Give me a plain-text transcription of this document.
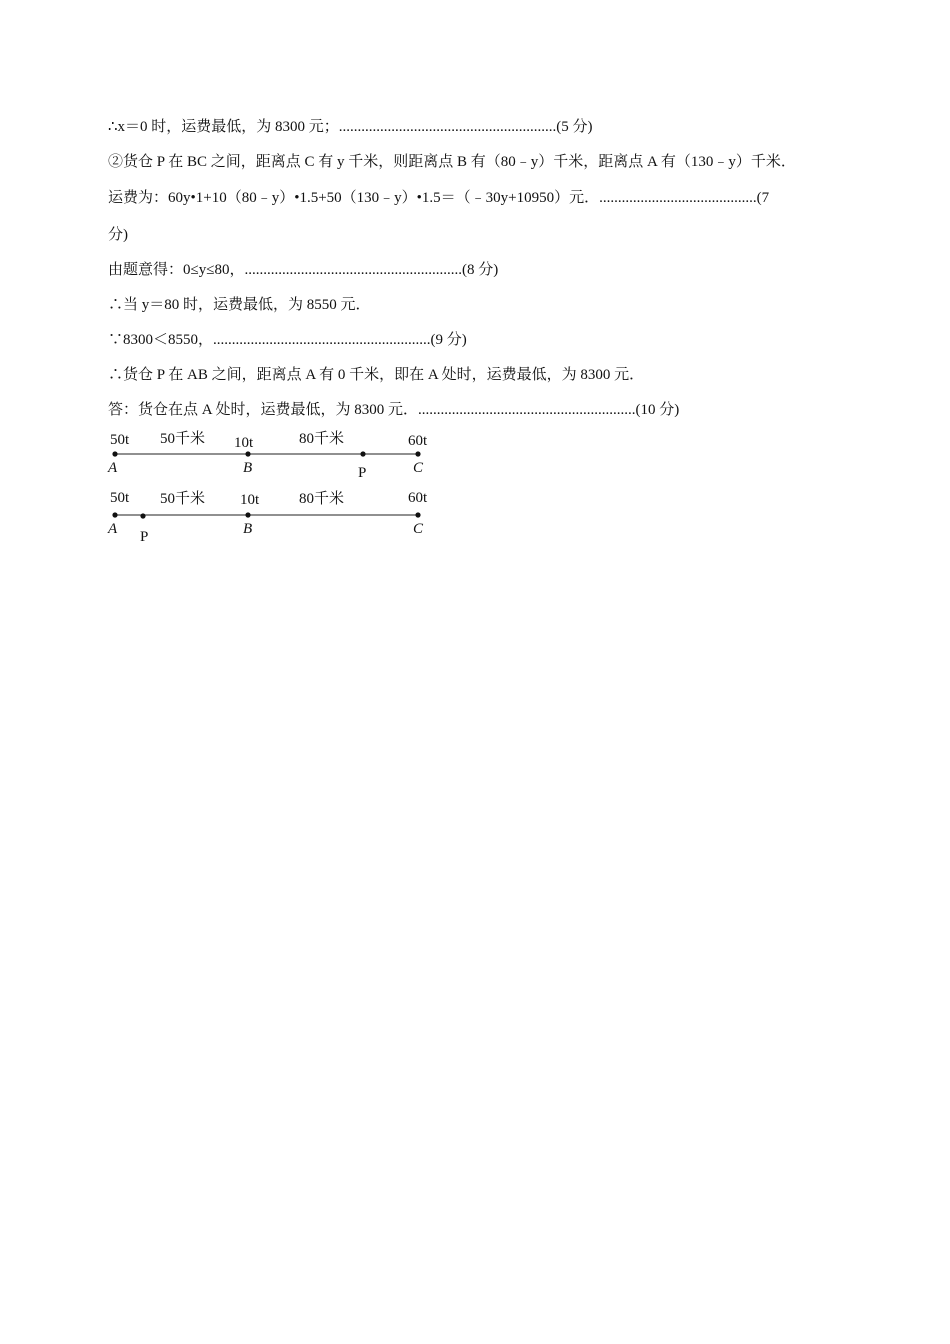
∴x＝0 时，运费最低，为 8300 元；..........................................................(5 分)
②货仓 P 在 BC 之间，距离点 C 有 y 千米，则距离点 B 有（80﹣y）千米，距离点 A 有（130﹣y）千米．
运费为：60y•1+10（80﹣y）•1.5+50（130﹣y）•1.5＝（﹣30y+10950）元．..........................................(7
分)
由题意得：0≤y≤80，..........................................................(8 分)
∴当 y＝80 时，运费最低，为 8550 元．
∵8300＜8550，..........................................................(9 分)
∴货仓 P 在 AB 之间，距离点 A 有 0 千米，即在 A 处时，运费最低，为 8300 元．
答：货仓在点 A 处时，运费最低，为 8300 元．..........................................................(10 分)
50t 50千米 10t	80千米	60t
A	B	P	C
50t 50千米 10t	80千米	60t
A P	B	C
